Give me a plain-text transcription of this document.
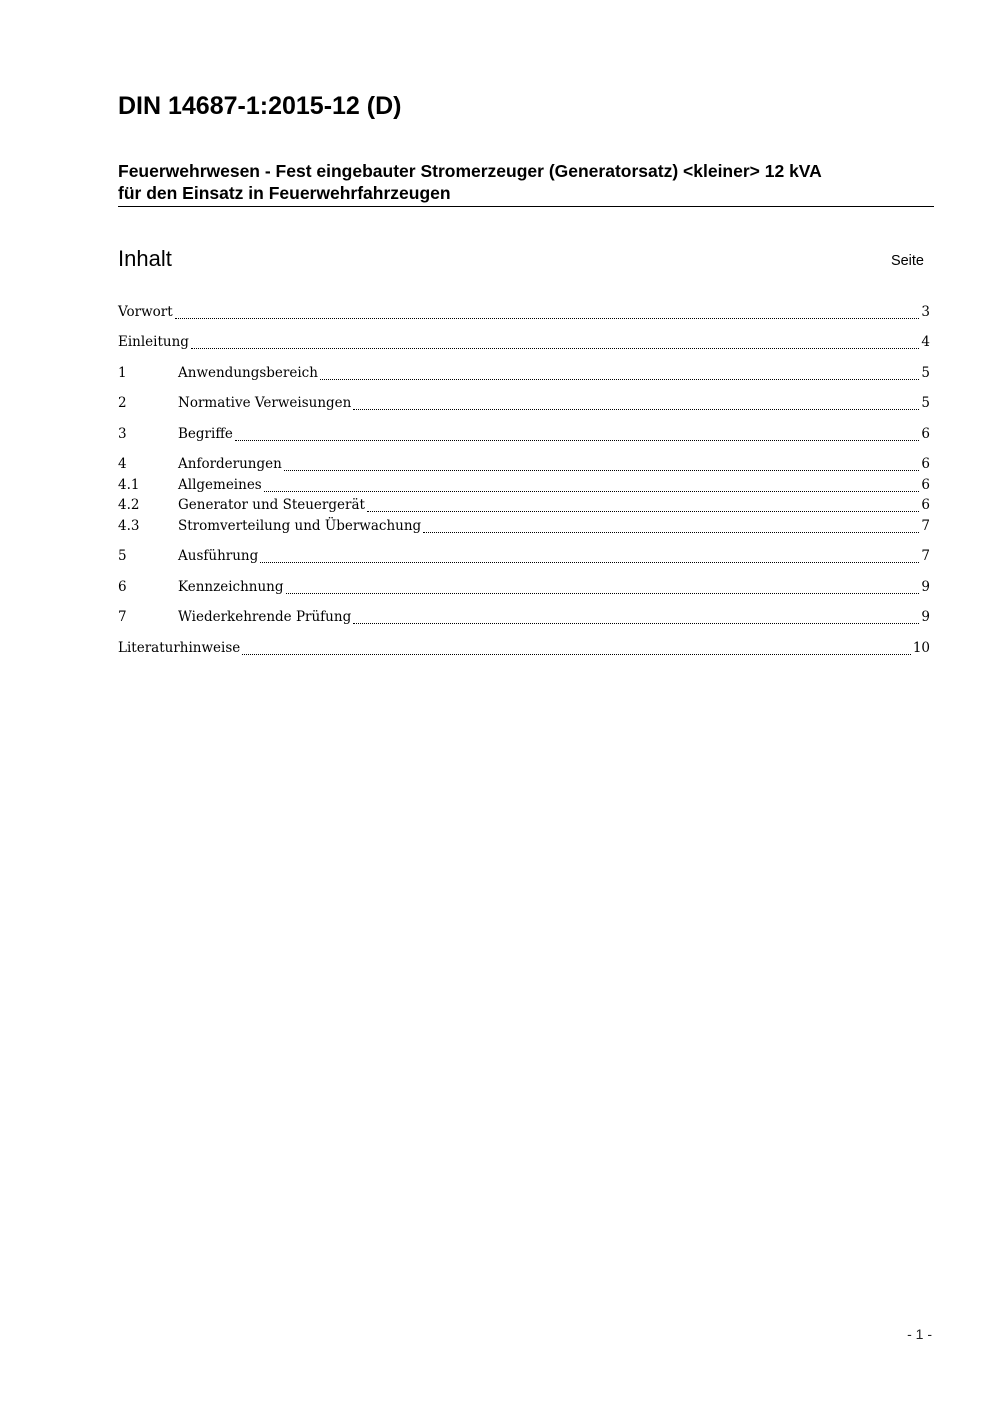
DIN 14687-1:2015-12 (D)
Feuerwehrwesen - Fest eingebauter Stromerzeuger (Generatorsatz) <kleiner> 12 kVA
für den Einsatz in Feuerwehrfahrzeugen
Inhalt	Seite
Vorwort	3
Einleitung	4
1	Anwendungsbereich	5
2	Normative Verweisungen	5
3	Begriffe	6
4	Anforderungen	6
4.1	Allgemeines	6
4.2	Generator und Steuergerät	6
4.3	Stromverteilung und Überwachung	7
5	Ausführung	7
6	Kennzeichnung	9
7	Wiederkehrende Prüfung	9
Literaturhinweise	10
- 1 -
